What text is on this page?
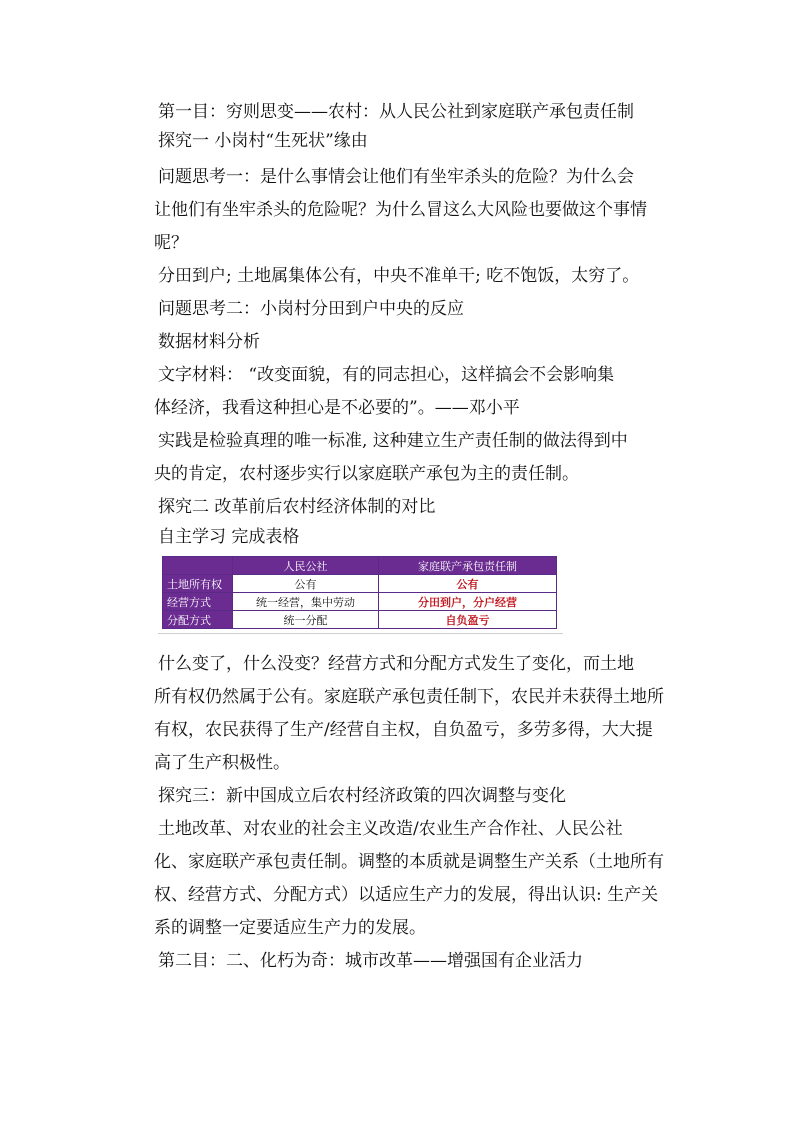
第一目：穷则思变——农村：从人民公社到家庭联产承包责任制

探究一 小岗村“生死状”缘由

问题思考一：是什么事情会让他们有坐牢杀头的危险？为什么会

让他们有坐牢杀头的危险呢？为什么冒这么大风险也要做这个事情

呢？

分田到户; 土地属集体公有，中央不准单干; 吃不饱饭，太穷了。

问题思考二：小岗村分田到户中央的反应

数据材料分析

文字材料： “改变面貌，有的同志担心，这样搞会不会影响集

体经济，我看这种担心是不必要的”。——邓小平

实践是检验真理的唯一标准, 这种建立生产责任制的做法得到中

央的肯定，农村逐步实行以家庭联产承包为主的责任制。

探究二 改革前后农村经济体制的对比

自主学习 完成表格

	人民公社	家庭联产承包责任制
土地所有权	公有	公有
经营方式	统一经营，集中劳动	分田到户，分户经营
分配方式	统一分配	自负盈亏

什么变了，什么没变？经营方式和分配方式发生了变化，而土地

所有权仍然属于公有。家庭联产承包责任制下，农民并未获得土地所

有权，农民获得了生产/经营自主权，自负盈亏，多劳多得，大大提

高了生产积极性。

探究三：新中国成立后农村经济政策的四次调整与变化

土地改革、对农业的社会主义改造/农业生产合作社、人民公社

化、家庭联产承包责任制。调整的本质就是调整生产关系（土地所有

权、经营方式、分配方式）以适应生产力的发展，得出认识: 生产关

系的调整一定要适应生产力的发展。

第二目：二、化朽为奇：城市改革——增强国有企业活力
